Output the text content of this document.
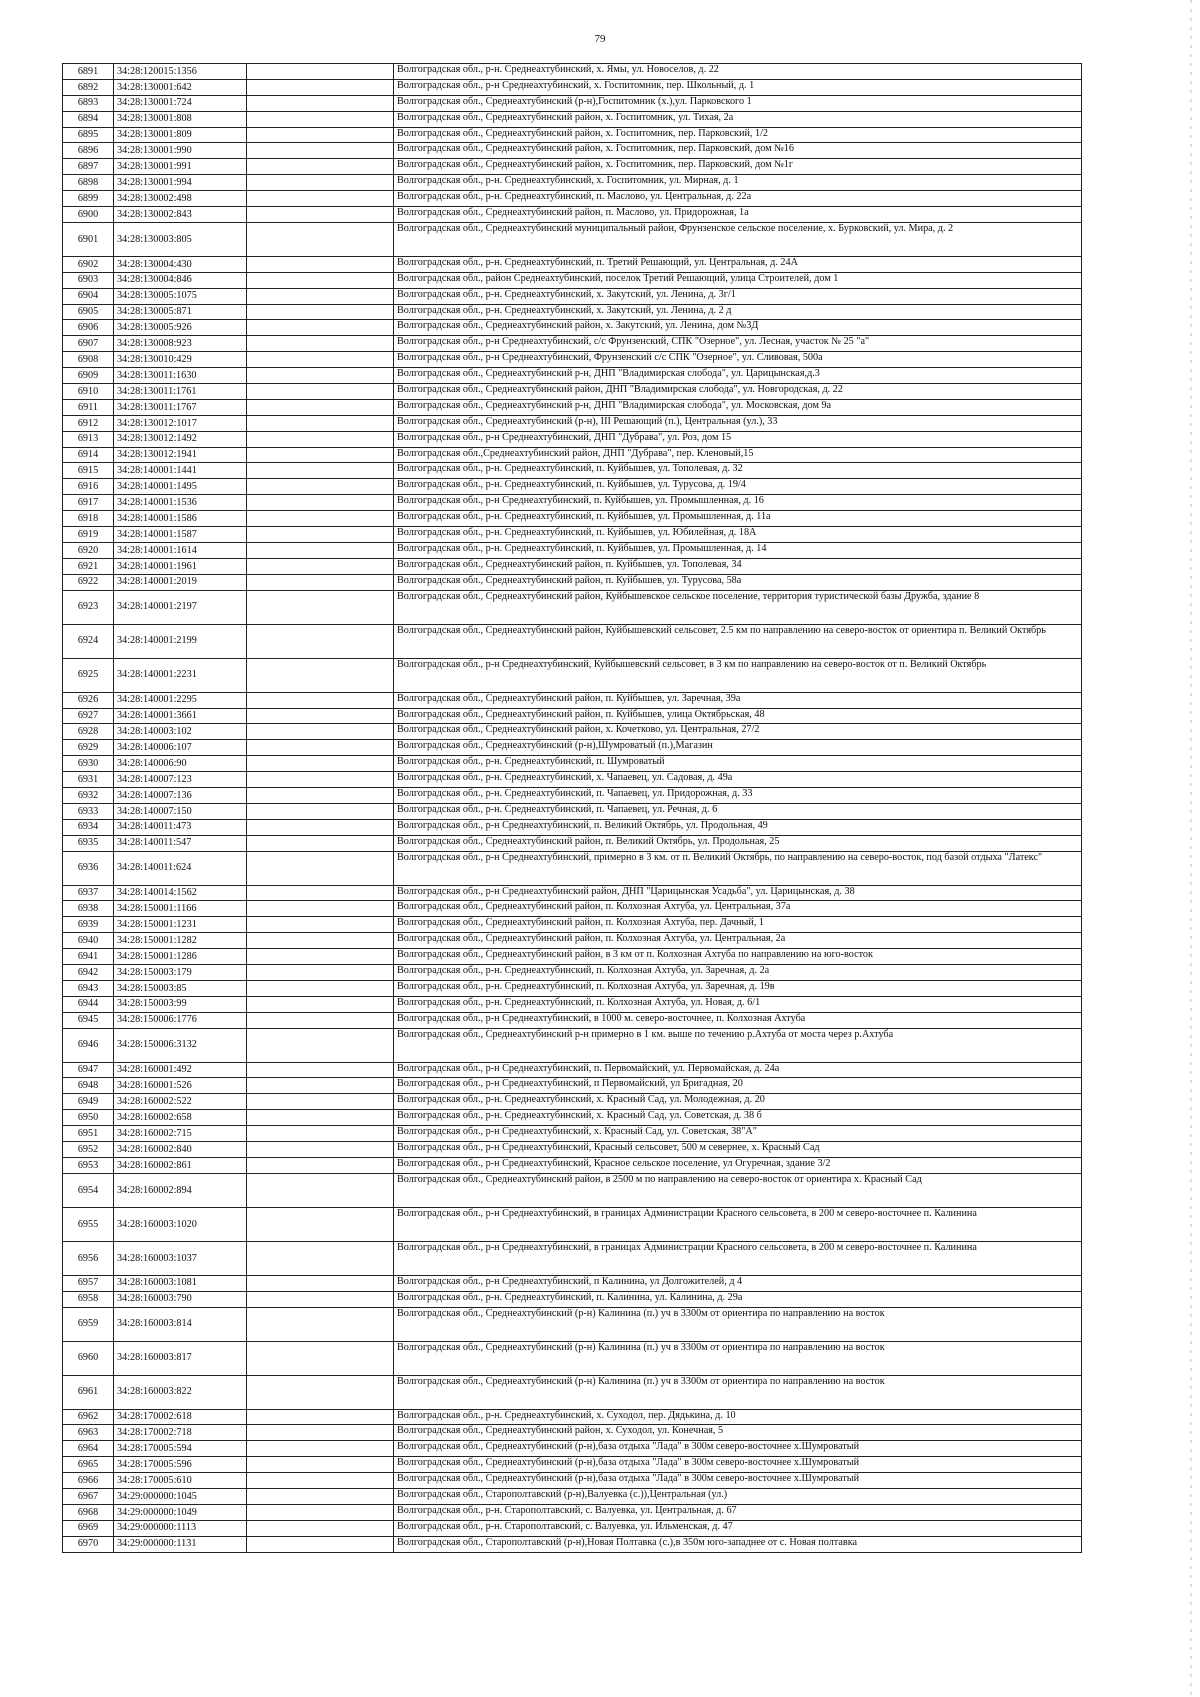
79
6891	34:28:120015:1356		Волгоградская обл., р-н. Среднеахтубинский, х. Ямы, ул. Новоселов, д. 22
6892	34:28:130001:642		Волгоградская обл., р-н Среднеахтубинский, х. Госпитомник, пер. Школьный, д. 1
6893	34:28:130001:724		Волгоградская обл., Среднеахтубинский (р-н),Госпитомник (х.),ул. Парковского 1
6894	34:28:130001:808		Волгоградская обл., Среднеахтубинский район, х. Госпитомник, ул. Тихая, 2а
6895	34:28:130001:809		Волгоградская обл., Среднеахтубинский район, х. Госпитомник, пер. Парковский, 1/2
6896	34:28:130001:990		Волгоградская обл., Среднеахтубинский район, х. Госпитомник, пер. Парковский, дом №16
6897	34:28:130001:991		Волгоградская обл., Среднеахтубинский район, х. Госпитомник, пер. Парковский, дом №1г
6898	34:28:130001:994		Волгоградская обл., р-н. Среднеахтубинский, х. Госпитомник, ул. Мирная, д. 1
6899	34:28:130002:498		Волгоградская обл., р-н. Среднеахтубинский, п. Маслово, ул. Центральная, д. 22а
6900	34:28:130002:843		Волгоградская обл., Среднеахтубинский район, п. Маслово, ул. Придорожная, 1а
6901	34:28:130003:805		Волгоградская обл., Среднеахтубинский муниципальный район, Фрунзенское сельское поселение, х. Бурковский, ул. Мира, д. 2
6902	34:28:130004:430		Волгоградская обл., р-н. Среднеахтубинский, п. Третий Решающий, ул. Центральная, д. 24А
6903	34:28:130004:846		Волгоградская обл., район Среднеахтубинский, поселок Третий Решающий, улица Строителей, дом 1
6904	34:28:130005:1075		Волгоградская обл., р-н. Среднеахтубинский, х. Закутский, ул. Ленина, д. 3г/1
6905	34:28:130005:871		Волгоградская обл., р-н. Среднеахтубинский, х. Закутский, ул. Ленина, д. 2 д
6906	34:28:130005:926		Волгоградская обл., Среднеахтубинский район, х. Закутский, ул. Ленина, дом №3Д
6907	34:28:130008:923		Волгоградская обл., р-н Среднеахтубинский, с/с Фрунзенский, СПК "Озерное", ул. Лесная, участок № 25 "а"
6908	34:28:130010:429		Волгоградская обл., р-н Среднеахтубинский, Фрунзенский с/с СПК "Озерное", ул. Сливовая, 500а
6909	34:28:130011:1630		Волгоградская обл., Среднеахтубинский р-н, ДНП "Владимирская слобода", ул. Царицынская,д.3
6910	34:28:130011:1761		Волгоградская обл., Среднеахтубинский район, ДНП "Владимирская слобода", ул. Новгородская, д. 22
6911	34:28:130011:1767		Волгоградская обл., Среднеахтубинский р-н, ДНП "Владимирская слобода", ул. Московская, дом 9а
6912	34:28:130012:1017		Волгоградская обл., Среднеахтубинский (р-н), III Решающий (п.), Центральная (ул.), 33
6913	34:28:130012:1492		Волгоградская обл., р-н Среднеахтубинский, ДНП "Дубрава", ул. Роз, дом 15
6914	34:28:130012:1941		Волгоградская обл.,Среднеахтубинский район, ДНП "Дубрава", пер. Кленовый,15
6915	34:28:140001:1441		Волгоградская обл., р-н. Среднеахтубинский, п. Куйбышев, ул. Тополевая, д. 32
6916	34:28:140001:1495		Волгоградская обл., р-н. Среднеахтубинский, п. Куйбышев, ул. Турусова, д. 19/4
6917	34:28:140001:1536		Волгоградская обл., р-н Среднеахтубинский, п. Куйбышев, ул. Промышленная, д. 16
6918	34:28:140001:1586		Волгоградская обл., р-н. Среднеахтубинский, п. Куйбышев, ул. Промышленная, д. 11а
6919	34:28:140001:1587		Волгоградская обл., р-н. Среднеахтубинский, п. Куйбышев, ул. Юбилейная, д. 18А
6920	34:28:140001:1614		Волгоградская обл., р-н. Среднеахтубинский, п. Куйбышев, ул. Промышленная, д. 14
6921	34:28:140001:1961		Волгоградская обл., Среднеахтубинский район, п. Куйбышев, ул. Тополевая, 34
6922	34:28:140001:2019		Волгоградская обл., Среднеахтубинский район, п. Куйбышев, ул. Турусова, 58а
6923	34:28:140001:2197		Волгоградская обл., Среднеахтубинский район, Куйбышевское сельское поселение, территория туристической базы Дружба, здание 8
6924	34:28:140001:2199		Волгоградская обл., Среднеахтубинский район, Куйбышевский сельсовет, 2.5 км по направлению на северо-восток от ориентира п. Великий Октябрь
6925	34:28:140001:2231		Волгоградская обл., р-н Среднеахтубинский, Куйбышевский сельсовет, в 3 км по направлению на северо-восток от п. Великий Октябрь
6926	34:28:140001:2295		Волгоградская обл., Среднеахтубинский район, п. Куйбышев, ул. Заречная, 39а
6927	34:28:140001:3661		Волгоградская обл., Среднеахтубинский район, п. Куйбышев, улица Октябрьская, 48
6928	34:28:140003:102		Волгоградская обл., Среднеахтубинский район, х. Кочетково, ул. Центральная, 27/2
6929	34:28:140006:107		Волгоградская обл., Среднеахтубинский (р-н),Шумроватый (п.),Магазин
6930	34:28:140006:90		Волгоградская обл., р-н. Среднеахтубинский, п. Шумроватый
6931	34:28:140007:123		Волгоградская обл., р-н. Среднеахтубинский, х. Чапаевец, ул. Садовая, д. 49а
6932	34:28:140007:136		Волгоградская обл., р-н. Среднеахтубинский, п. Чапаевец, ул. Придорожная, д. 33
6933	34:28:140007:150		Волгоградская обл., р-н. Среднеахтубинский, п. Чапаевец, ул. Речная, д. 6
6934	34:28:140011:473		Волгоградская обл., р-н Среднеахтубинский, п. Великий Октябрь, ул. Продольная, 49
6935	34:28:140011:547		Волгоградская обл., Среднеахтубинский район, п. Великий Октябрь, ул. Продольная, 25
6936	34:28:140011:624		Волгоградская обл., р-н Среднеахтубинский, примерно в 3 км. от п. Великий Октябрь, по направлению на северо-восток, под базой отдыха "Латекс"
6937	34:28:140014:1562		Волгоградская обл., р-н Среднеахтубинский район, ДНП "Царицынская Усадьба", ул. Царицынская, д. 38
6938	34:28:150001:1166		Волгоградская обл., Среднеахтубинский район, п. Колхозная Ахтуба, ул. Центральная, 37а
6939	34:28:150001:1231		Волгоградская обл., Среднеахтубинский район, п. Колхозная Ахтуба, пер. Дачный, 1
6940	34:28:150001:1282		Волгоградская обл., Среднеахтубинский район, п. Колхозная Ахтуба, ул. Центральная, 2а
6941	34:28:150001:1286		Волгоградская обл., Среднеахтубинский район, в 3 км от п. Колхозная Ахтуба по направлению на юго-восток
6942	34:28:150003:179		Волгоградская обл., р-н. Среднеахтубинский, п. Колхозная Ахтуба, ул. Заречная, д. 2а
6943	34:28:150003:85		Волгоградская обл., р-н. Среднеахтубинский, п. Колхозная Ахтуба, ул. Заречная, д. 19в
6944	34:28:150003:99		Волгоградская обл., р-н. Среднеахтубинский, п. Колхозная Ахтуба, ул. Новая, д. 6/1
6945	34:28:150006:1776		Волгоградская обл., р-н Среднеахтубинский, в 1000 м. северо-восточнее, п. Колхозная Ахтуба
6946	34:28:150006:3132		Волгоградская обл., Среднеахтубинский р-н примерно в 1 км. выше по течению р.Ахтуба от моста через р.Ахтуба
6947	34:28:160001:492		Волгоградская обл., р-н Среднеахтубинский, п. Первомайский, ул. Первомайская, д. 24а
6948	34:28:160001:526		Волгоградская обл., р-н Среднеахтубинский, п Первомайский, ул Бригадная, 20
6949	34:28:160002:522		Волгоградская обл., р-н. Среднеахтубинский, х. Красный Сад, ул. Молодежная, д. 20
6950	34:28:160002:658		Волгоградская обл., р-н. Среднеахтубинский, х. Красный Сад, ул. Советская, д. 38 б
6951	34:28:160002:715		Волгоградская обл., р-н Среднеахтубинский, х. Красный Сад, ул. Советская, 38"А"
6952	34:28:160002:840		Волгоградская обл., р-н Среднеахтубинский, Красный сельсовет, 500 м севернее, х. Красный Сад
6953	34:28:160002:861		Волгоградская обл., р-н Среднеахтубинский, Красное сельское поселение, ул Огуречная, здание 3/2
6954	34:28:160002:894		Волгоградская обл., Среднеахтубинский район, в 2500 м по направлению на северо-восток от ориентира х. Красный Сад
6955	34:28:160003:1020		Волгоградская обл., р-н Среднеахтубинский, в границах Администрации Красного сельсовета, в 200 м северо-восточнее п. Калинина
6956	34:28:160003:1037		Волгоградская обл., р-н Среднеахтубинский, в границах Администрации Красного сельсовета, в 200 м северо-восточнее п. Калинина
6957	34:28:160003:1081		Волгоградская обл., р-н Среднеахтубинский, п Калинина, ул Долгожителей, д 4
6958	34:28:160003:790		Волгоградская обл., р-н. Среднеахтубинский, п. Калинина, ул. Калинина, д. 29а
6959	34:28:160003:814		Волгоградская обл., Среднеахтубинский (р-н) Калинина (п.) уч в 3300м от ориентира по направлению на восток
6960	34:28:160003:817		Волгоградская обл., Среднеахтубинский (р-н) Калинина (п.) уч в 3300м от ориентира по направлению на восток
6961	34:28:160003:822		Волгоградская обл., Среднеахтубинский (р-н) Калинина (п.) уч в 3300м от ориентира по направлению на восток
6962	34:28:170002:618		Волгоградская обл., р-н. Среднеахтубинский, х. Суходол, пер. Дядькина, д. 10
6963	34:28:170002:718		Волгоградская обл., Среднеахтубинский район, х. Суходол, ул. Конечная, 5
6964	34:28:170005:594		Волгоградская обл., Среднеахтубинский (р-н),база отдыха "Лада" в 300м северо-восточнее х.Шумроватый
6965	34:28:170005:596		Волгоградская обл., Среднеахтубинский (р-н),база отдыха "Лада" в 300м северо-восточнее х.Шумроватый
6966	34:28:170005:610		Волгоградская обл., Среднеахтубинский (р-н),база отдыха "Лада" в 300м северо-восточнее х.Шумроватый
6967	34:29:000000:1045		Волгоградская обл., Старополтавский (р-н),Валуевка (с.)),Центральная (ул.)
6968	34:29:000000:1049		Волгоградская обл., р-н. Старополтавский, с. Валуевка, ул. Центральная, д. 67
6969	34:29:000000:1113		Волгоградская обл., р-н. Старополтавский, с. Валуевка, ул. Ильменская, д. 47
6970	34:29:000000:1131		Волгоградская обл., Старополтавский (р-н),Новая Полтавка (с.),в 350м юго-западнее от с. Новая полтавка
